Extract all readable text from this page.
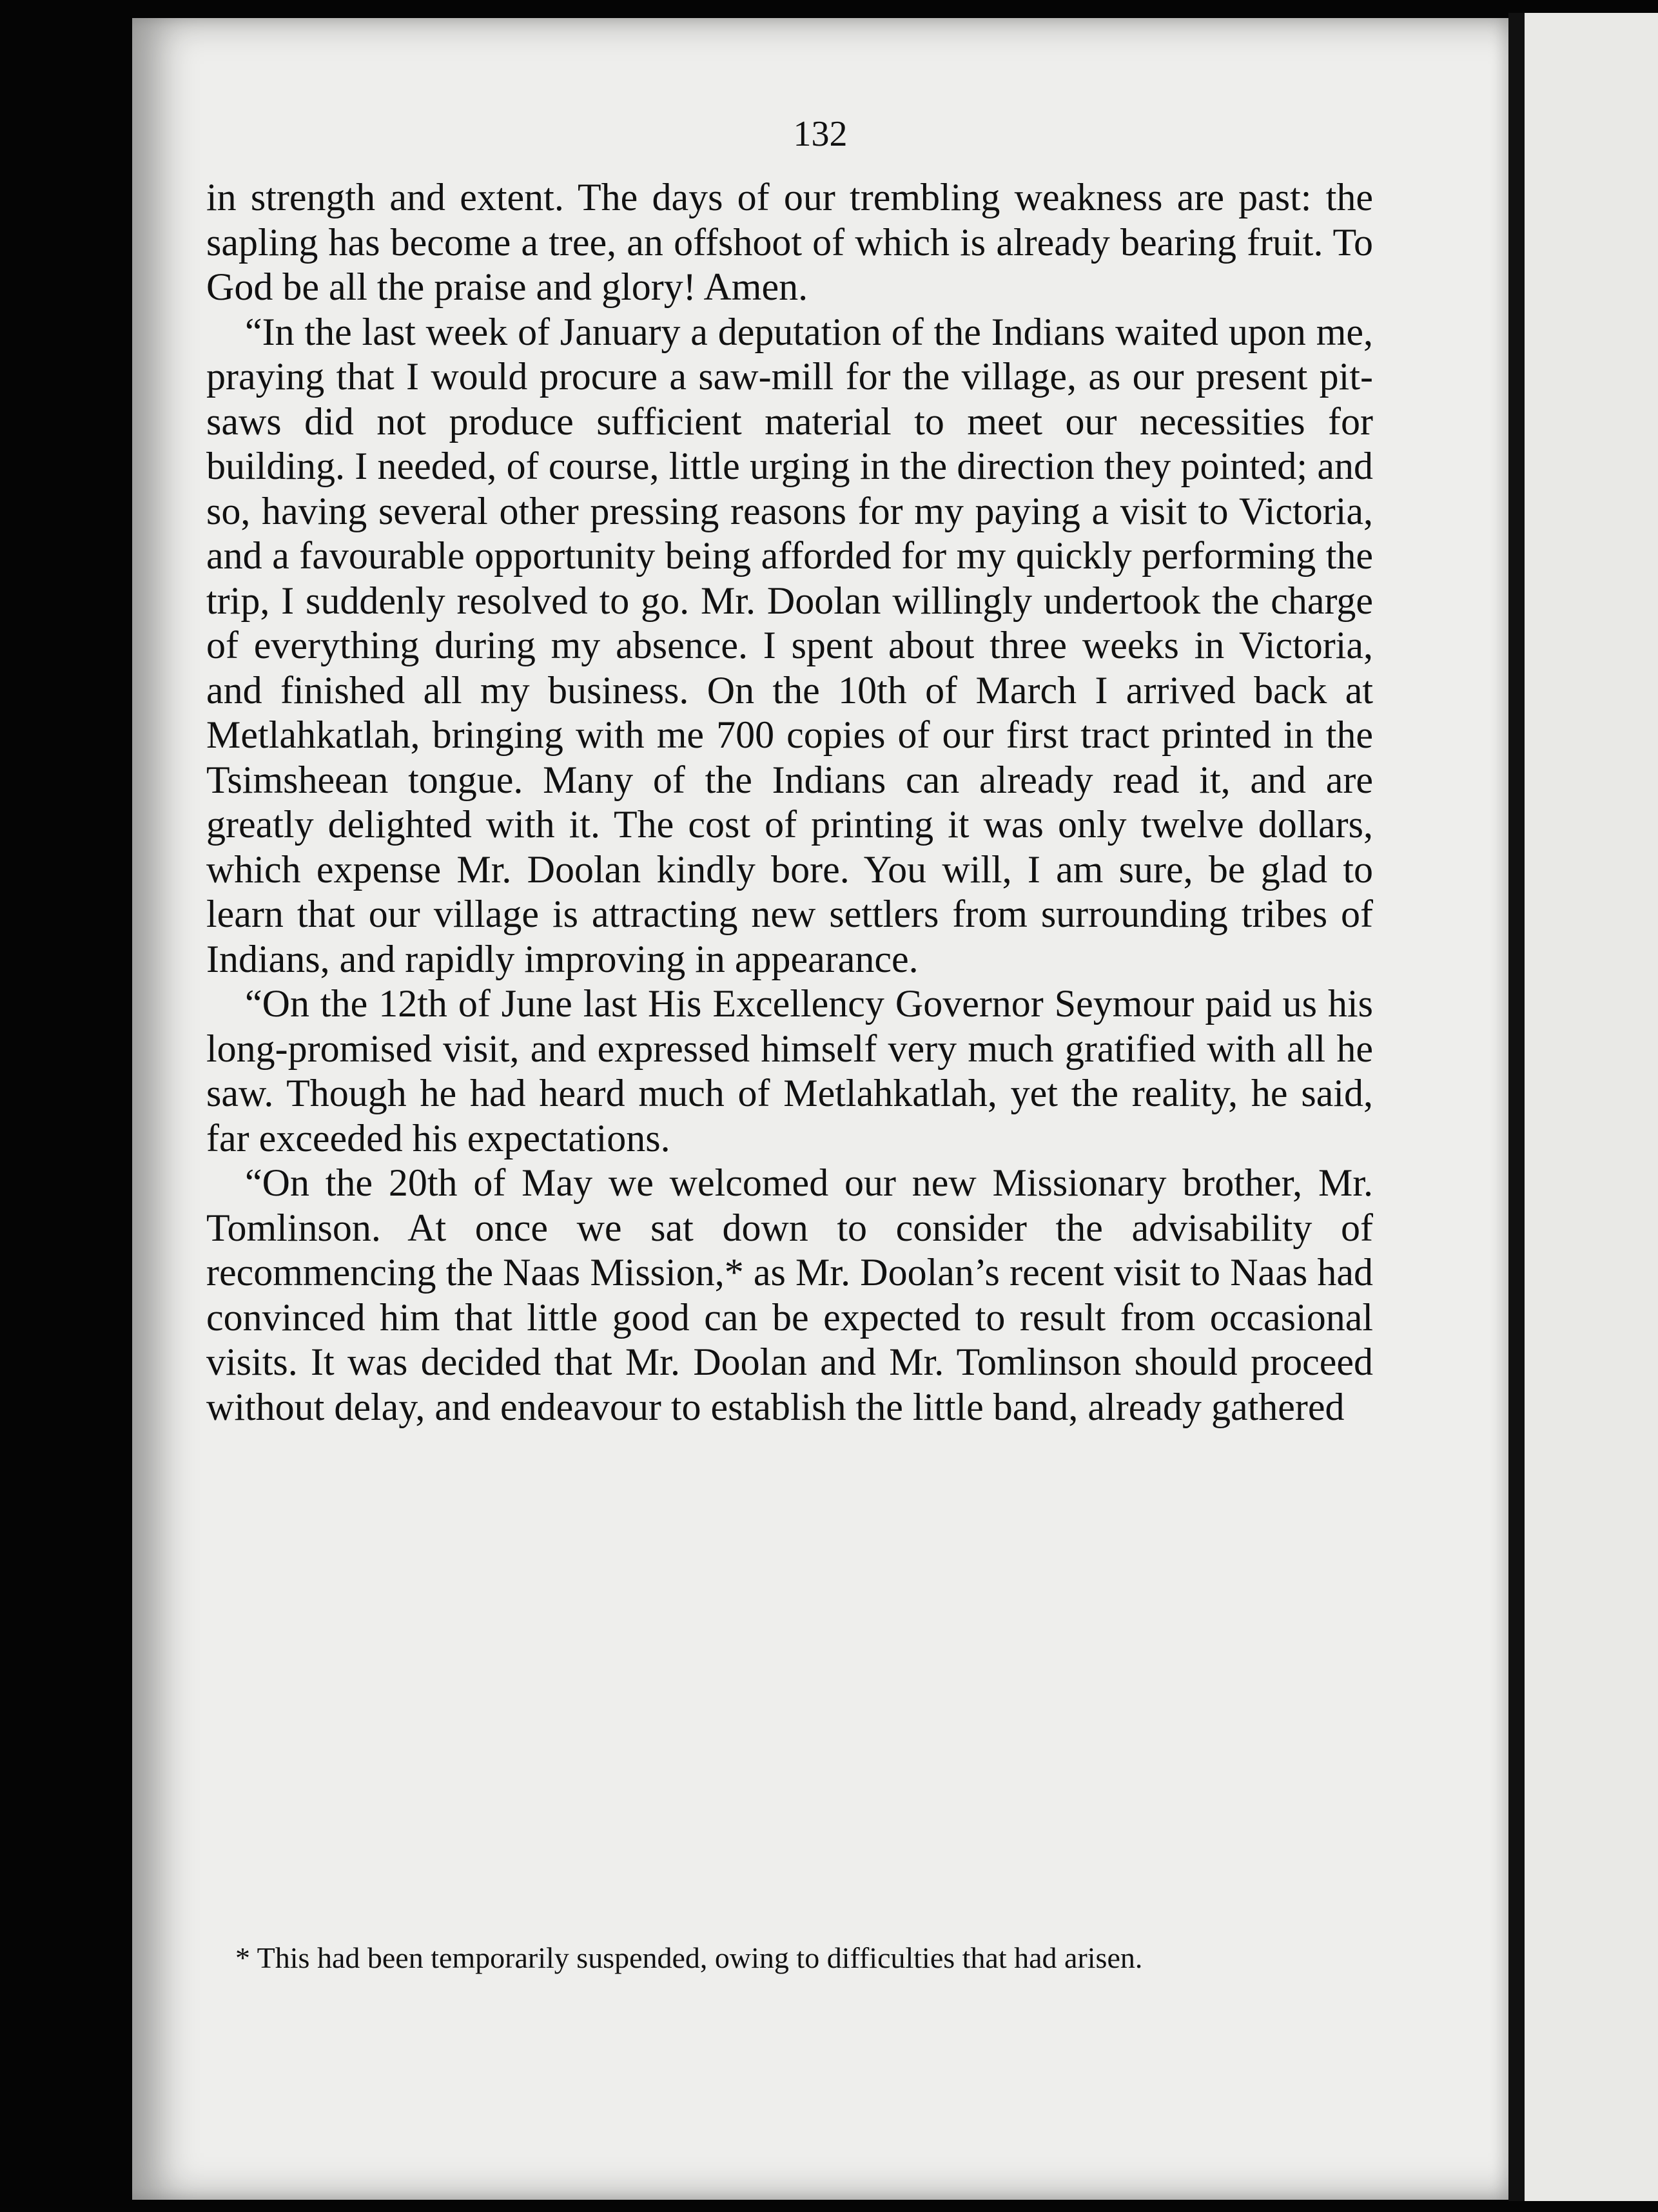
132

in strength and extent. The days of our trembling weakness are past: the sapling has become a tree, an offshoot of which is already bearing fruit. To God be all the praise and glory! Amen.

“In the last week of January a deputation of the Indians waited upon me, praying that I would procure a saw-mill for the village, as our present pit-saws did not produce sufficient material to meet our necessities for building. I needed, of course, little urging in the direction they pointed; and so, having several other pressing reasons for my paying a visit to Victoria, and a favourable opportunity being afforded for my quickly performing the trip, I suddenly resolved to go. Mr. Doolan willingly undertook the charge of everything during my absence. I spent about three weeks in Victoria, and finished all my business. On the 10th of March I arrived back at Metlahkatlah, bringing with me 700 copies of our first tract printed in the Tsimsheean tongue. Many of the Indians can already read it, and are greatly delighted with it. The cost of printing it was only twelve dollars, which expense Mr. Doolan kindly bore. You will, I am sure, be glad to learn that our village is attracting new settlers from surrounding tribes of Indians, and rapidly improving in appearance.

“On the 12th of June last His Excellency Governor Seymour paid us his long-promised visit, and expressed himself very much gratified with all he saw. Though he had heard much of Metlahkatlah, yet the reality, he said, far exceeded his expectations.

“On the 20th of May we welcomed our new Missionary brother, Mr. Tomlinson. At once we sat down to consider the advisability of recommencing the Naas Mission,* as Mr. Doolan’s recent visit to Naas had convinced him that little good can be expected to result from occasional visits. It was decided that Mr. Doolan and Mr. Tomlinson should proceed without delay, and endeavour to establish the little band, already gathered

* This had been temporarily suspended, owing to difficulties that had arisen.
